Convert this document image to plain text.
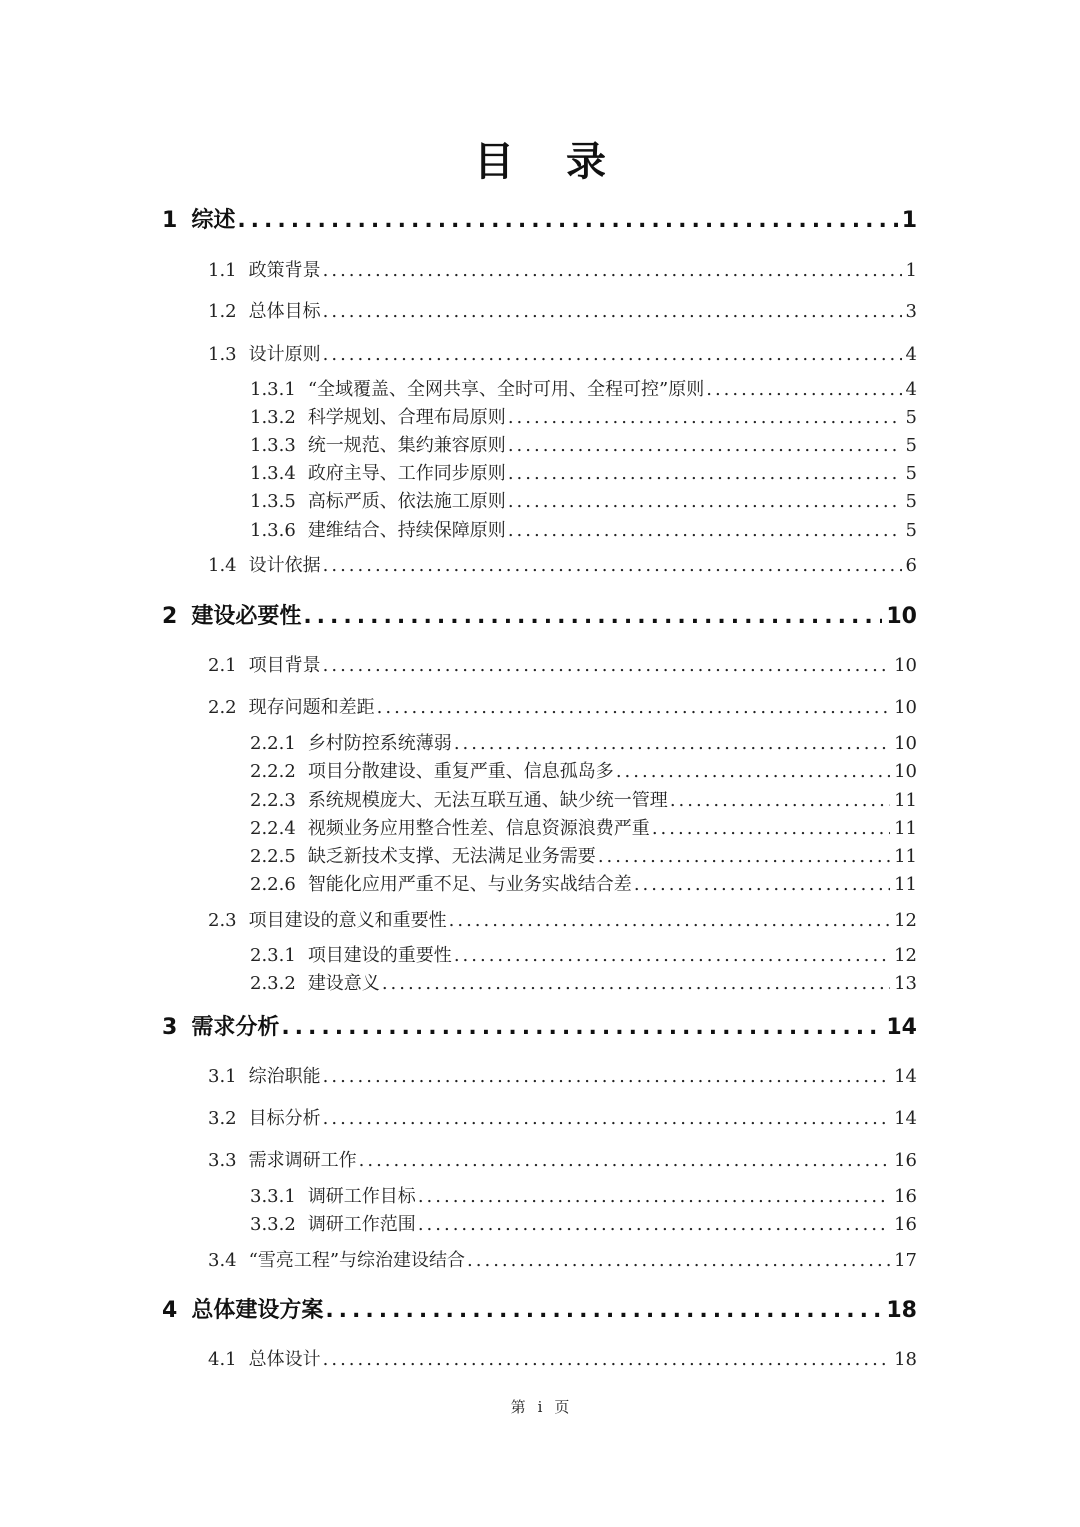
目录
1 综述 .....	1
1.1 政策背景 .....	1
1.2 总体目标 .....	3
1.3 设计原则 .....	4
1.3.1 “全域覆盖、全网共享、全时可用、全程可控”原则 .....	4
1.3.2 科学规划、合理布局原则 .....	5
1.3.3 统一规范、集约兼容原则 .....	5
1.3.4 政府主导、工作同步原则 .....	5
1.3.5 高标严质、依法施工原则 .....	5
1.3.6 建维结合、持续保障原则 .....	5
1.4 设计依据 .....	6
2 建设必要性 .....	10
2.1 项目背景 .....	10
2.2 现存问题和差距 .....	10
2.2.1 乡村防控系统薄弱 .....	10
2.2.2 项目分散建设、重复严重、信息孤岛多 .....	10
2.2.3 系统规模庞大、无法互联互通、缺少统一管理 .....	11
2.2.4 视频业务应用整合性差、信息资源浪费严重 .....	11
2.2.5 缺乏新技术支撑、无法满足业务需要 .....	11
2.2.6 智能化应用严重不足、与业务实战结合差 .....	11
2.3 项目建设的意义和重要性 .....	12
2.3.1 项目建设的重要性 .....	12
2.3.2 建设意义 .....	13
3 需求分析 .....	14
3.1 综治职能 .....	14
3.2 目标分析 .....	14
3.3 需求调研工作 .....	16
3.3.1 调研工作目标 .....	16
3.3.2 调研工作范围 .....	16
3.4 “雪亮工程”与综治建设结合 .....	17
4 总体建设方案 .....	18
4.1 总体设计 .....	18
第 i 页
